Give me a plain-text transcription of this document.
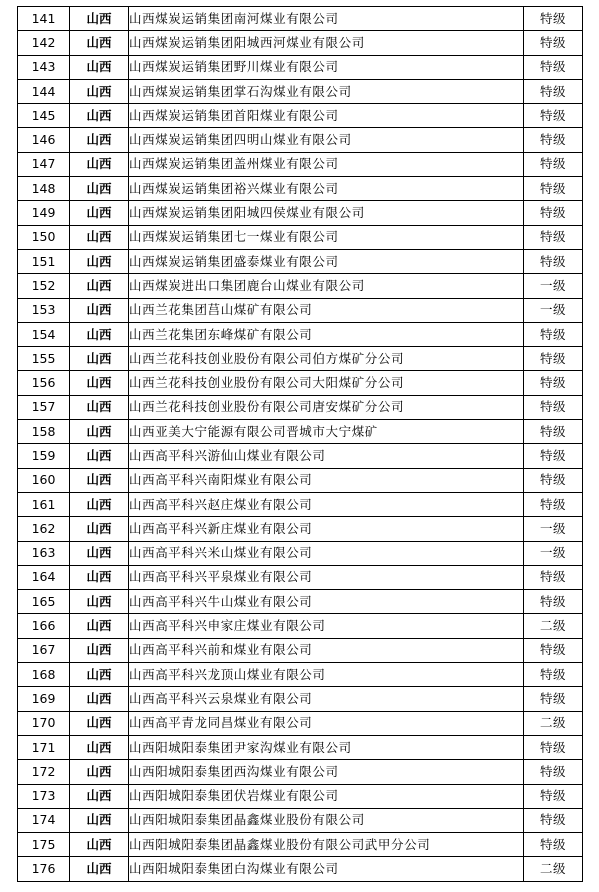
141	山西	山西煤炭运销集团南河煤业有限公司	特级
142	山西	山西煤炭运销集团阳城西河煤业有限公司	特级
143	山西	山西煤炭运销集团野川煤业有限公司	特级
144	山西	山西煤炭运销集团掌石沟煤业有限公司	特级
145	山西	山西煤炭运销集团首阳煤业有限公司	特级
146	山西	山西煤炭运销集团四明山煤业有限公司	特级
147	山西	山西煤炭运销集团盖州煤业有限公司	特级
148	山西	山西煤炭运销集团裕兴煤业有限公司	特级
149	山西	山西煤炭运销集团阳城四侯煤业有限公司	特级
150	山西	山西煤炭运销集团七一煤业有限公司	特级
151	山西	山西煤炭运销集团盛泰煤业有限公司	特级
152	山西	山西煤炭进出口集团鹿台山煤业有限公司	一级
153	山西	山西兰花集团莒山煤矿有限公司	一级
154	山西	山西兰花集团东峰煤矿有限公司	特级
155	山西	山西兰花科技创业股份有限公司伯方煤矿分公司	特级
156	山西	山西兰花科技创业股份有限公司大阳煤矿分公司	特级
157	山西	山西兰花科技创业股份有限公司唐安煤矿分公司	特级
158	山西	山西亚美大宁能源有限公司晋城市大宁煤矿	特级
159	山西	山西高平科兴游仙山煤业有限公司	特级
160	山西	山西高平科兴南阳煤业有限公司	特级
161	山西	山西高平科兴赵庄煤业有限公司	特级
162	山西	山西高平科兴新庄煤业有限公司	一级
163	山西	山西高平科兴米山煤业有限公司	一级
164	山西	山西高平科兴平泉煤业有限公司	特级
165	山西	山西高平科兴牛山煤业有限公司	特级
166	山西	山西高平科兴申家庄煤业有限公司	二级
167	山西	山西高平科兴前和煤业有限公司	特级
168	山西	山西高平科兴龙顶山煤业有限公司	特级
169	山西	山西高平科兴云泉煤业有限公司	特级
170	山西	山西高平青龙同昌煤业有限公司	二级
171	山西	山西阳城阳泰集团尹家沟煤业有限公司	特级
172	山西	山西阳城阳泰集团西沟煤业有限公司	特级
173	山西	山西阳城阳泰集团伏岩煤业有限公司	特级
174	山西	山西阳城阳泰集团晶鑫煤业股份有限公司	特级
175	山西	山西阳城阳泰集团晶鑫煤业股份有限公司武甲分公司	特级
176	山西	山西阳城阳泰集团白沟煤业有限公司	二级
